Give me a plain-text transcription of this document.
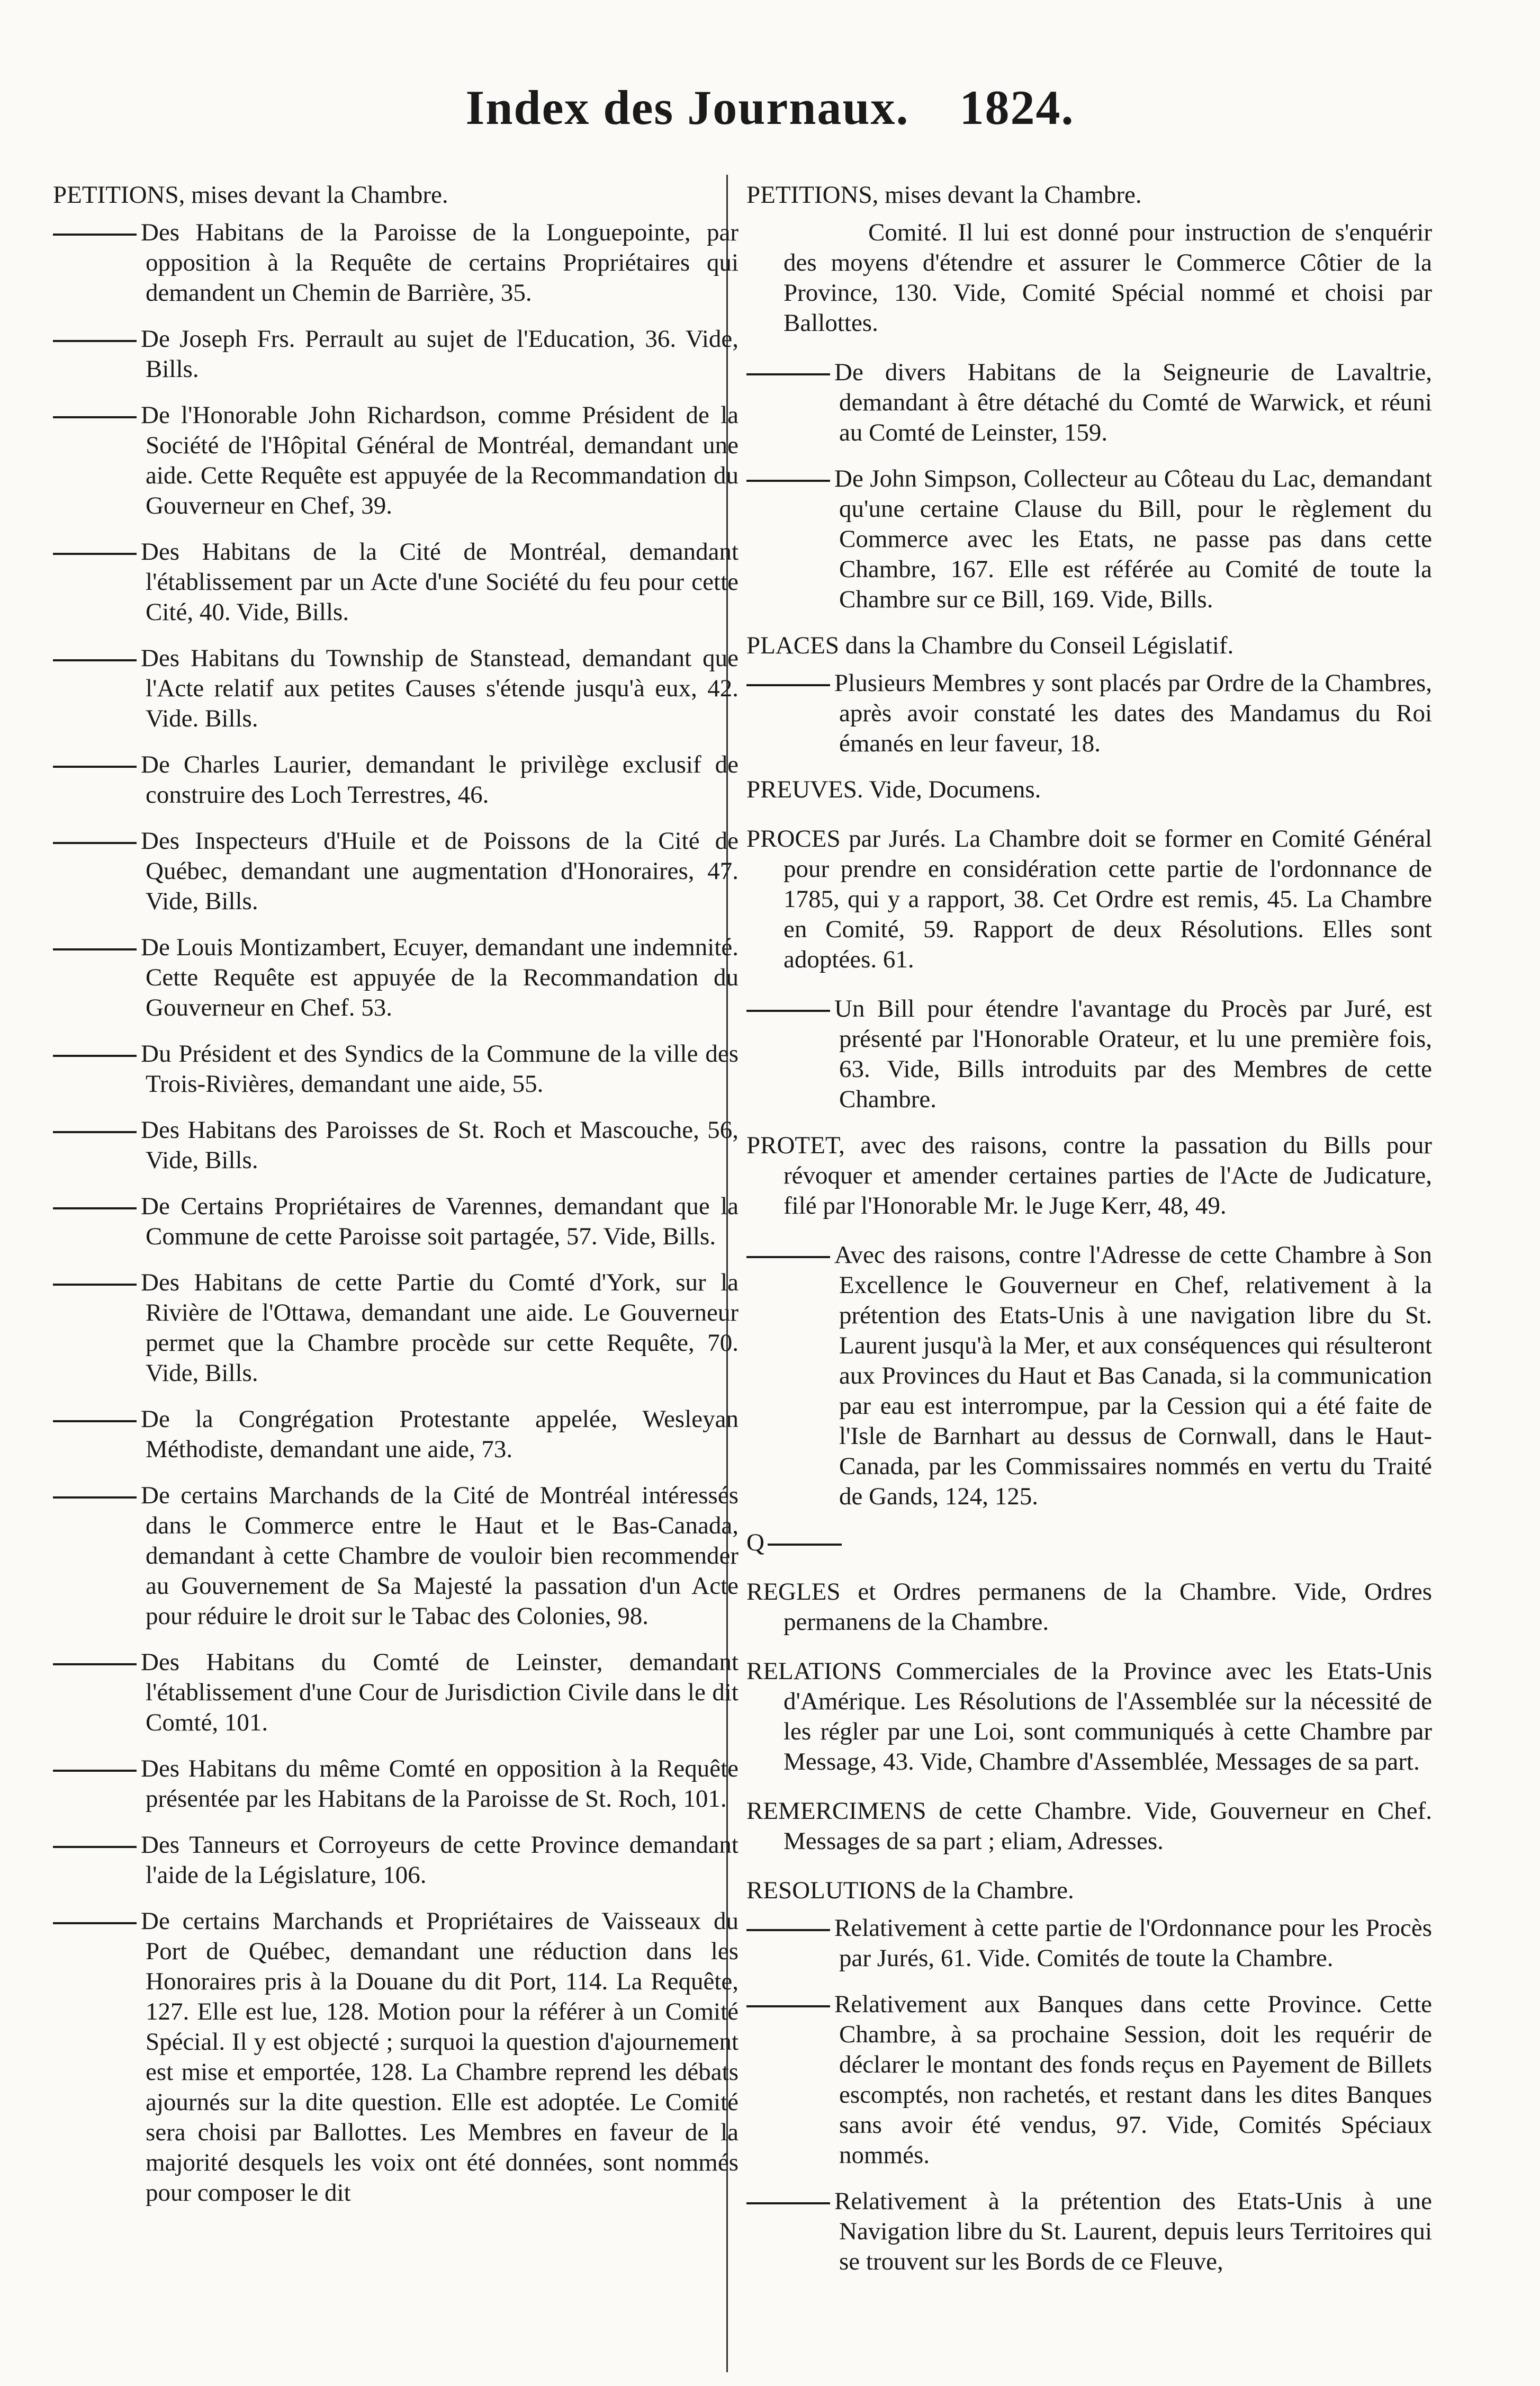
Index des Journaux. 1824.

PETITIONS, mises devant la Chambre.

Des Habitans de la Paroisse de la Longuepointe, par opposition à la Requête de certains Propriétaires qui demandent un Chemin de Barrière, 35.

De Joseph Frs. Perrault au sujet de l'Education, 36. Vide, Bills.

De l'Honorable John Richardson, comme Président de la Société de l'Hôpital Général de Montréal, demandant une aide. Cette Requête est appuyée de la Recommandation du Gouverneur en Chef, 39.

Des Habitans de la Cité de Montréal, demandant l'établissement par un Acte d'une Société du feu pour cette Cité, 40. Vide, Bills.

Des Habitans du Township de Stanstead, demandant que l'Acte relatif aux petites Causes s'étende jusqu'à eux, 42. Vide. Bills.

De Charles Laurier, demandant le privilège exclusif de construire des Loch Terrestres, 46.

Des Inspecteurs d'Huile et de Poissons de la Cité de Québec, demandant une augmentation d'Honoraires, 47. Vide, Bills.

De Louis Montizambert, Ecuyer, demandant une indemnité. Cette Requête est appuyée de la Recommandation du Gouverneur en Chef. 53.

Du Président et des Syndics de la Commune de la ville des Trois-Rivières, demandant une aide, 55.

Des Habitans des Paroisses de St. Roch et Mascouche, 56, Vide, Bills.

De Certains Propriétaires de Varennes, demandant que la Commune de cette Paroisse soit partagée, 57. Vide, Bills.

Des Habitans de cette Partie du Comté d'York, sur la Rivière de l'Ottawa, demandant une aide. Le Gouverneur permet que la Chambre procède sur cette Requête, 70. Vide, Bills.

De la Congrégation Protestante appelée, Wesleyan Méthodiste, demandant une aide, 73.

De certains Marchands de la Cité de Montréal intéressés dans le Commerce entre le Haut et le Bas-Canada, demandant à cette Chambre de vouloir bien recommender au Gouvernement de Sa Majesté la passation d'un Acte pour réduire le droit sur le Tabac des Colonies, 98.

Des Habitans du Comté de Leinster, demandant l'établissement d'une Cour de Jurisdiction Civile dans le dit Comté, 101.

Des Habitans du même Comté en opposition à la Requête présentée par les Habitans de la Paroisse de St. Roch, 101.

Des Tanneurs et Corroyeurs de cette Province demandant l'aide de la Législature, 106.

De certains Marchands et Propriétaires de Vaisseaux du Port de Québec, demandant une réduction dans les Honoraires pris à la Douane du dit Port, 114. La Requête, 127. Elle est lue, 128. Motion pour la référer à un Comité Spécial. Il y est objecté ; surquoi la question d'ajournement est mise et emportée, 128. La Chambre reprend les débats ajournés sur la dite question. Elle est adoptée. Le Comité sera choisi par Ballottes. Les Membres en faveur de la majorité desquels les voix ont été données, sont nommés pour composer le dit

PETITIONS, mises devant la Chambre.

Comité. Il lui est donné pour instruction de s'enquérir des moyens d'étendre et assurer le Commerce Côtier de la Province, 130. Vide, Comité Spécial nommé et choisi par Ballottes.

De divers Habitans de la Seigneurie de Lavaltrie, demandant à être détaché du Comté de Warwick, et réuni au Comté de Leinster, 159.

De John Simpson, Collecteur au Côteau du Lac, demandant qu'une certaine Clause du Bill, pour le règlement du Commerce avec les Etats, ne passe pas dans cette Chambre, 167. Elle est référée au Comité de toute la Chambre sur ce Bill, 169. Vide, Bills.

PLACES dans la Chambre du Conseil Législatif.

Plusieurs Membres y sont placés par Ordre de la Chambres, après avoir constaté les dates des Mandamus du Roi émanés en leur faveur, 18.

PREUVES. Vide, Documens.

PROCES par Jurés. La Chambre doit se former en Comité Général pour prendre en considération cette partie de l'ordonnance de 1785, qui y a rapport, 38. Cet Ordre est remis, 45. La Chambre en Comité, 59. Rapport de deux Résolutions. Elles sont adoptées. 61.

Un Bill pour étendre l'avantage du Procès par Juré, est présenté par l'Honorable Orateur, et lu une première fois, 63. Vide, Bills introduits par des Membres de cette Chambre.

PROTET, avec des raisons, contre la passation du Bills pour révoquer et amender certaines parties de l'Acte de Judicature, filé par l'Honorable Mr. le Juge Kerr, 48, 49.

Avec des raisons, contre l'Adresse de cette Chambre à Son Excellence le Gouverneur en Chef, relativement à la prétention des Etats-Unis à une navigation libre du St. Laurent jusqu'à la Mer, et aux conséquences qui résulteront aux Provinces du Haut et Bas Canada, si la communication par eau est interrompue, par la Cession qui a été faite de l'Isle de Barnhart au dessus de Cornwall, dans le Haut-Canada, par les Commissaires nommés en vertu du Traité de Gands, 124, 125.

Q

REGLES et Ordres permanens de la Chambre. Vide, Ordres permanens de la Chambre.

RELATIONS Commerciales de la Province avec les Etats-Unis d'Amérique. Les Résolutions de l'Assemblée sur la nécessité de les régler par une Loi, sont communiqués à cette Chambre par Message, 43. Vide, Chambre d'Assemblée, Messages de sa part.

REMERCIMENS de cette Chambre. Vide, Gouverneur en Chef. Messages de sa part ; eliam, Adresses.

RESOLUTIONS de la Chambre.

Relativement à cette partie de l'Ordonnance pour les Procès par Jurés, 61. Vide. Comités de toute la Chambre.

Relativement aux Banques dans cette Province. Cette Chambre, à sa prochaine Session, doit les requérir de déclarer le montant des fonds reçus en Payement de Billets escomptés, non rachetés, et restant dans les dites Banques sans avoir été vendus, 97. Vide, Comités Spéciaux nommés.

Relativement à la prétention des Etats-Unis à une Navigation libre du St. Laurent, depuis leurs Territoires qui se trouvent sur les Bords de ce Fleuve,
